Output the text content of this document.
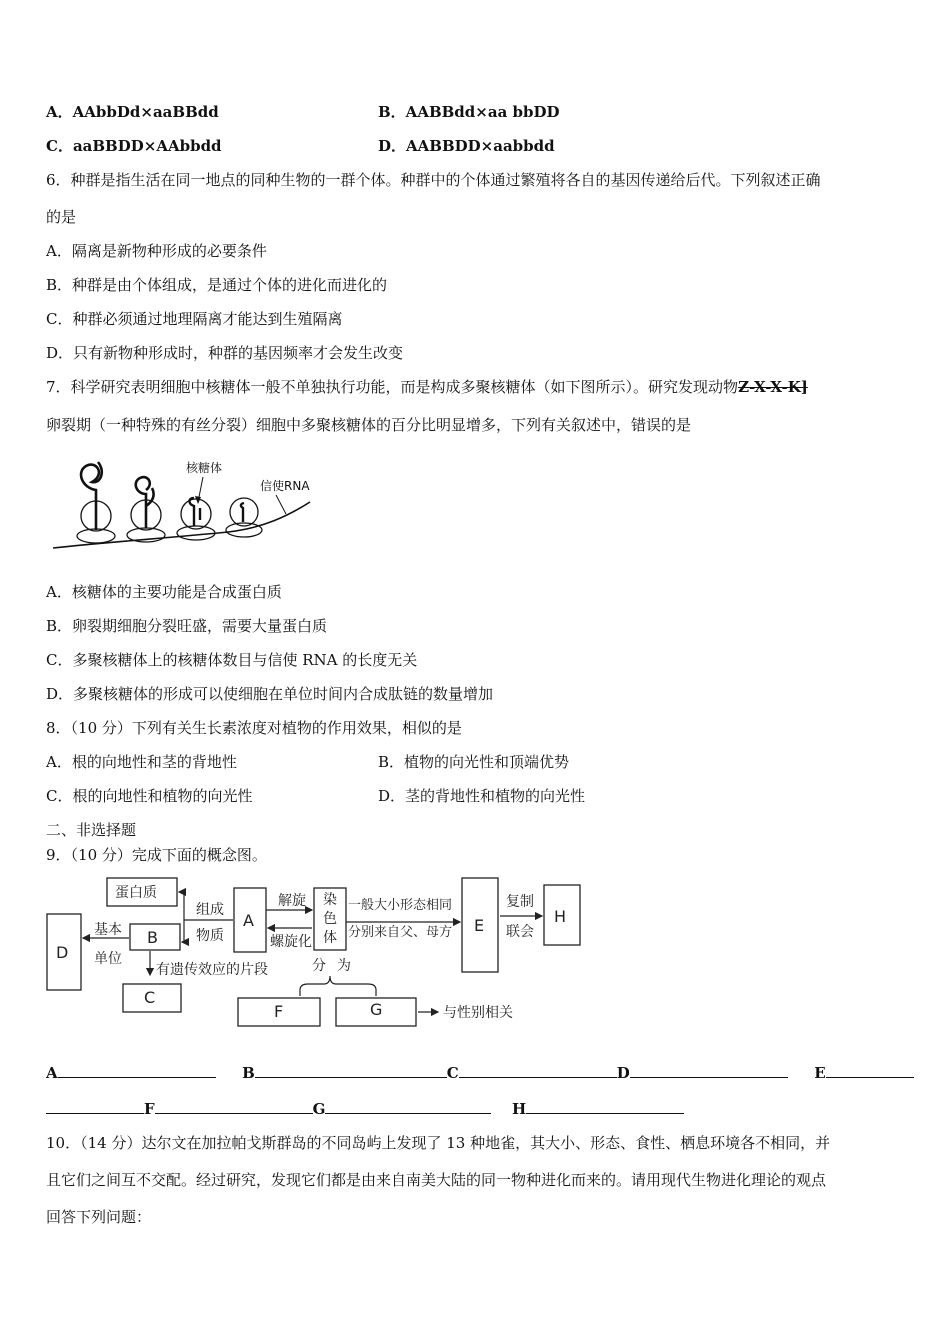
A．AAbbDd×aaBBdd	B．AABBdd×aa bbDD
C．aaBBDD×AAbbdd	D．AABBDD×aabbdd
6．种群是指生活在同一地点的同种生物的一群个体。种群中的个体通过繁殖将各自的基因传递给后代。下列叙述正确
的是
A．隔离是新物种形成的必要条件
B．种群是由个体组成，是通过个体的进化而进化的
C．种群必须通过地理隔离才能达到生殖隔离
D．只有新物种形成时，种群的基因频率才会发生改变
7．科学研究表明细胞中核糖体一般不单独执行功能，而是构成多聚核糖体（如下图所示）。研究发现动物Z-X-X-K]
卵裂期（一种特殊的有丝分裂）细胞中多聚核糖体的百分比明显增多，下列有关叙述中，错误的是
核糖体
信使RNA
A．核糖体的主要功能是合成蛋白质
B．卵裂期细胞分裂旺盛，需要大量蛋白质
C．多聚核糖体上的核糖体数目与信使 RNA 的长度无关
D．多聚核糖体的形成可以使细胞在单位时间内合成肽链的数量增加
8．（10 分）下列有关生长素浓度对植物的作用效果，相似的是
A．根的向地性和茎的背地性	B．植物的向光性和顶端优势
C．根的向地性和植物的向光性	D．茎的背地性和植物的向光性
二、非选择题
9．（10 分）完成下面的概念图。
蛋白质
组成
物质
A
解旋
螺旋化
染
色
体
一般大小形态相同
分别来自父、母方 E
复制
联会
H
B
基本
单位
D
有遗传效应的片段
C
分 为
F	G	与性别相关
A	B	C	D	E
F	G	H
10．（14 分）达尔文在加拉帕戈斯群岛的不同岛屿上发现了 13 种地雀，其大小、形态、食性、栖息环境各不相同，并
且它们之间互不交配。经过研究，发现它们都是由来自南美大陆的同一物种进化而来的。请用现代生物进化理论的观点
回答下列问题：
